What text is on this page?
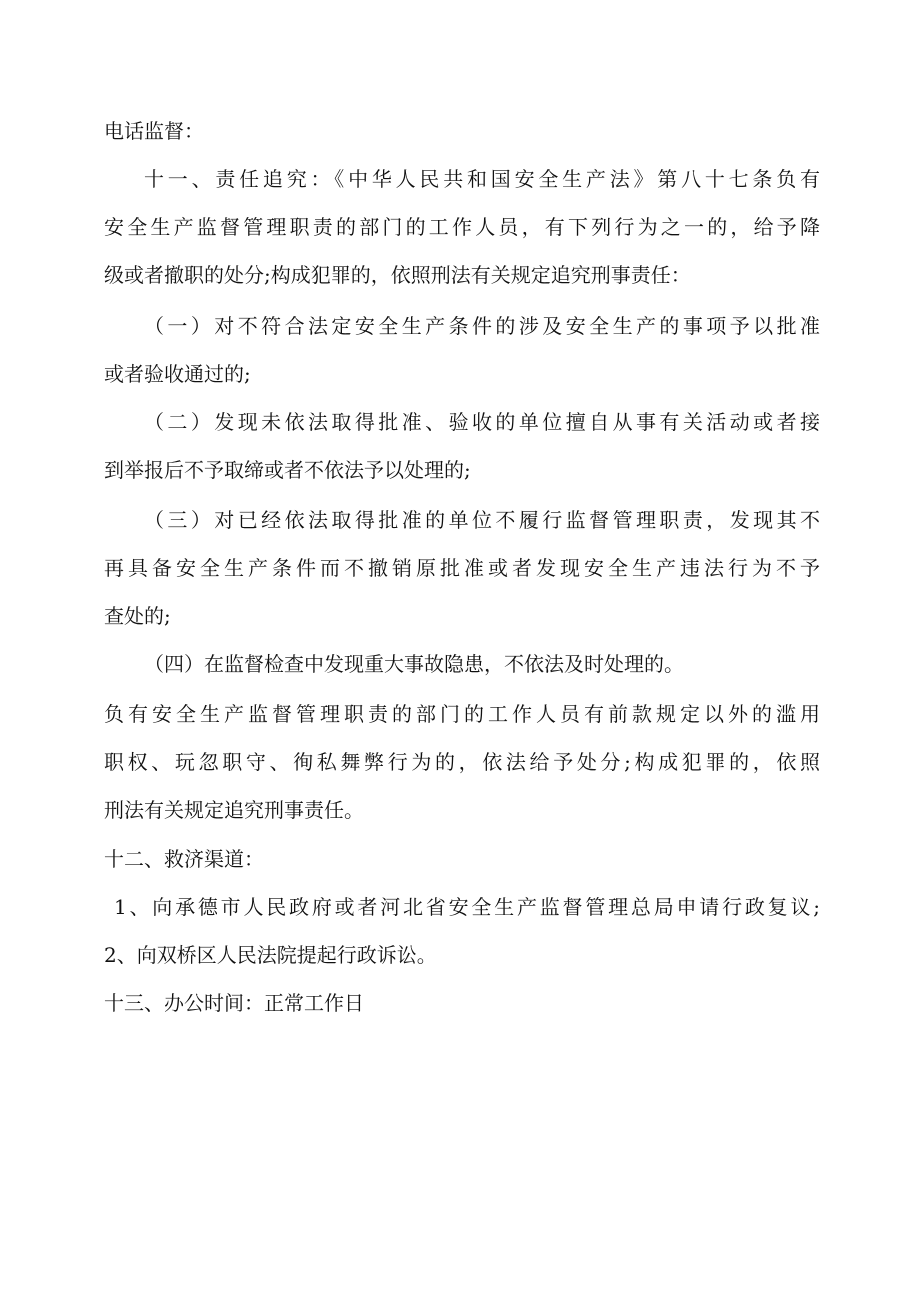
电话监督：
十一、责任追究：《中华人民共和国安全生产法》第八十七条负有
安全生产监督管理职责的部门的工作人员，有下列行为之一的，给予降
级或者撤职的处分;构成犯罪的，依照刑法有关规定追究刑事责任：
（一）对不符合法定安全生产条件的涉及安全生产的事项予以批准
或者验收通过的;
（二）发现未依法取得批准、验收的单位擅自从事有关活动或者接
到举报后不予取缔或者不依法予以处理的;
（三）对已经依法取得批准的单位不履行监督管理职责，发现其不
再具备安全生产条件而不撤销原批准或者发现安全生产违法行为不予
查处的;
（四）在监督检查中发现重大事故隐患，不依法及时处理的。
负有安全生产监督管理职责的部门的工作人员有前款规定以外的滥用
职权、玩忽职守、徇私舞弊行为的，依法给予处分;构成犯罪的，依照
刑法有关规定追究刑事责任。
十二、救济渠道：
1、向承德市人民政府或者河北省安全生产监督管理总局申请行政复议;
2、向双桥区人民法院提起行政诉讼。
十三、办公时间：正常工作日
